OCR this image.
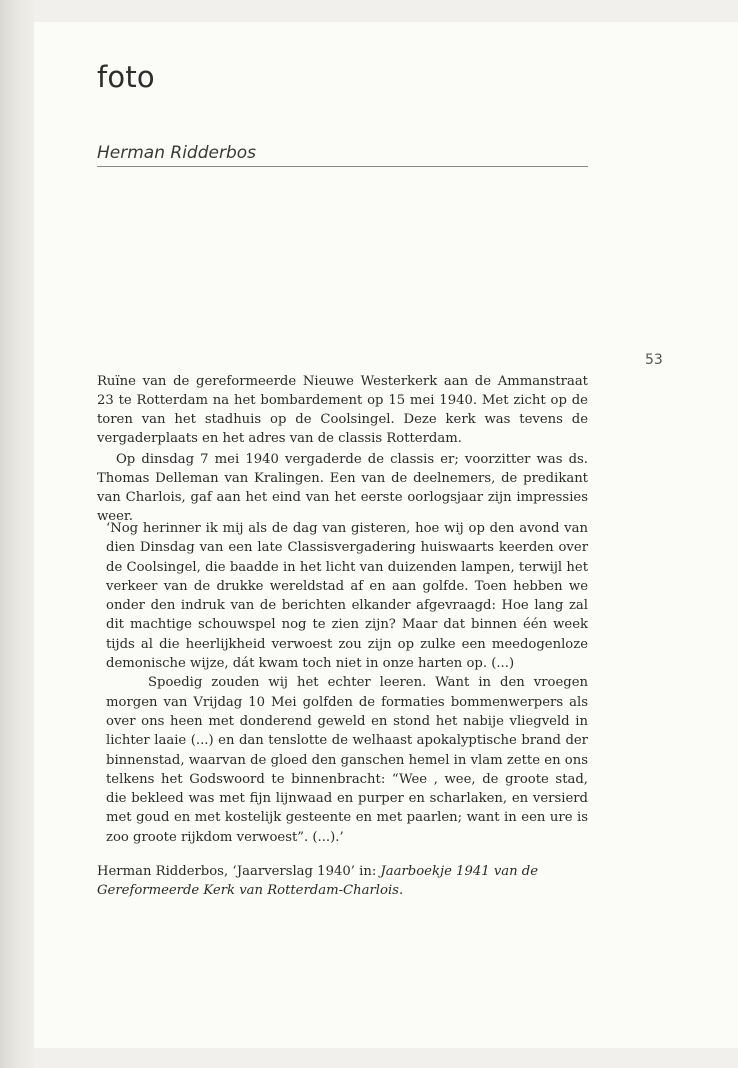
foto
Herman Ridderbos
53

Ruïne van de gereformeerde Nieuwe Westerkerk aan de Ammanstraat 23 te Rotterdam na het bombardement op 15 mei 1940. Met zicht op de toren van het stadhuis op de Coolsingel. Deze kerk was tevens de vergaderplaats en het adres van de classis Rotterdam.

Op dinsdag 7 mei 1940 vergaderde de classis er; voorzitter was ds. Thomas Delleman van Kralingen. Een van de deelnemers, de predikant van Charlois, gaf aan het eind van het eerste oorlogsjaar zijn impressies weer.

‘Nog herinner ik mij als de dag van gisteren, hoe wij op den avond van dien Dinsdag van een late Classisvergadering huiswaarts keerden over de Coolsingel, die baadde in het licht van duizenden lampen, terwijl het verkeer van de drukke wereldstad af en aan golfde. Toen hebben we onder den indruk van de berichten elkander afgevraagd: Hoe lang zal dit machtige schouwspel nog te zien zijn? Maar dat binnen één week tijds al die heerlijkheid verwoest zou zijn op zulke een meedogenloze demonische wijze, dát kwam toch niet in onze harten op. (...)

Spoedig zouden wij het echter leeren. Want in den vroegen morgen van Vrijdag 10 Mei golfden de formaties bommenwerpers als over ons heen met donderend geweld en stond het nabije vliegveld in lichter laaie (...) en dan tenslotte de welhaast apokalyptische brand der binnenstad, waarvan de gloed den ganschen hemel in vlam zette en ons telkens het Godswoord te binnenbracht: “Wee , wee, de groote stad, die bekleed was met fijn lijnwaad en purper en scharlaken, en versierd met goud en met kostelijk gesteente en met paarlen; want in een ure is zoo groote rijkdom verwoest”. (...).’

Herman Ridderbos, ‘Jaarverslag 1940’ in: Jaarboekje 1941 van de Gereformeerde Kerk van Rotterdam-Charlois.
